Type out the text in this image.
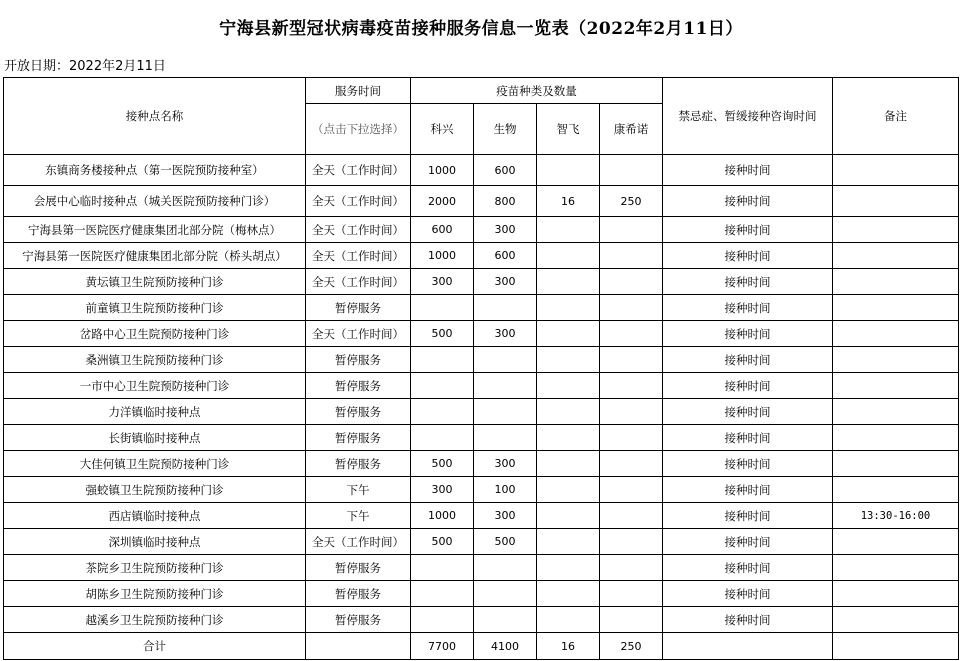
宁海县新型冠状病毒疫苗接种服务信息一览表（2022年2月11日）
开放日期：2022年2月11日
接种点名称	服务时间	疫苗种类及数量				禁忌症、暂缓接种咨询时间	备注
	（点击下拉选择）	科兴	生物	智飞	康希诺		
东镇商务楼接种点（第一医院预防接种室）	全天（工作时间）	1000	600			接种时间	
会展中心临时接种点（城关医院预防接种门诊）	全天（工作时间）	2000	800	16	250	接种时间	
宁海县第一医院医疗健康集团北部分院（梅林点）	全天（工作时间）	600	300			接种时间	
宁海县第一医院医疗健康集团北部分院（桥头胡点）	全天（工作时间）	1000	600			接种时间	
黄坛镇卫生院预防接种门诊	全天（工作时间）	300	300			接种时间	
前童镇卫生院预防接种门诊	暂停服务					接种时间	
岔路中心卫生院预防接种门诊	全天（工作时间）	500	300			接种时间	
桑洲镇卫生院预防接种门诊	暂停服务					接种时间	
一市中心卫生院预防接种门诊	暂停服务					接种时间	
力洋镇临时接种点	暂停服务					接种时间	
长街镇临时接种点	暂停服务					接种时间	
大佳何镇卫生院预防接种门诊	暂停服务	500	300			接种时间	
强蛟镇卫生院预防接种门诊	下午	300	100			接种时间	
西店镇临时接种点	下午	1000	300			接种时间	13:30-16:00
深圳镇临时接种点	全天（工作时间）	500	500			接种时间	
茶院乡卫生院预防接种门诊	暂停服务					接种时间	
胡陈乡卫生院预防接种门诊	暂停服务					接种时间	
越溪乡卫生院预防接种门诊	暂停服务					接种时间	
合计		7700	4100	16	250		
